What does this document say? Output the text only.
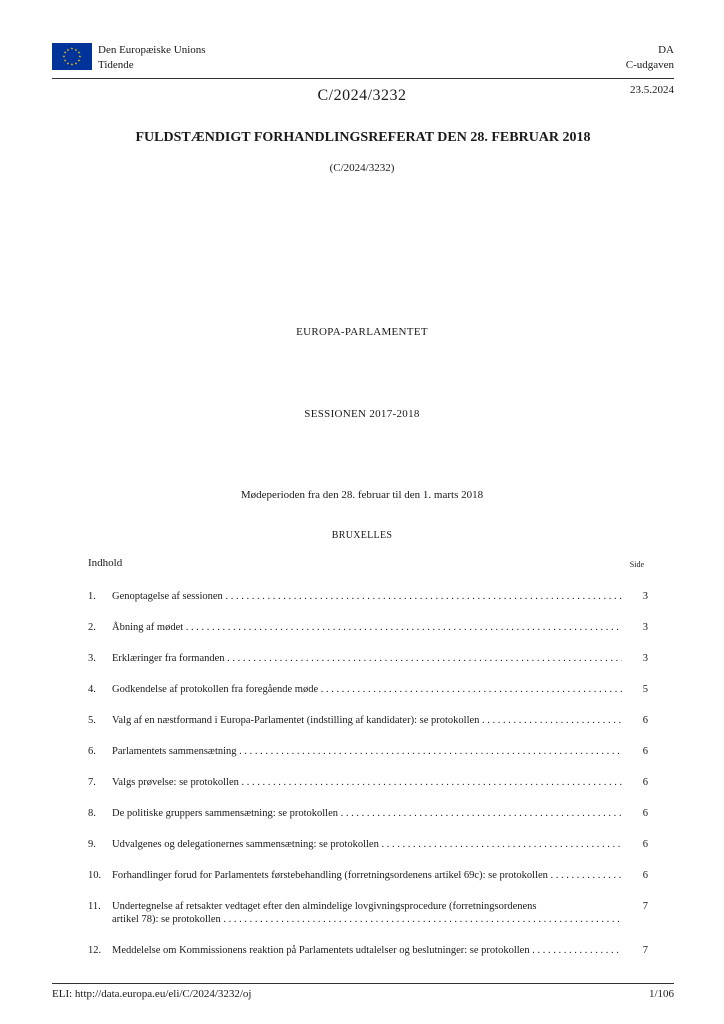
★ ★
★
★
★
★
★
★
★
★
★
★	Den Europæiske Unions
Tidende
DA
C-udgaven
C/2024/3232	23.5.2024
FULDSTÆNDIGT FORHANDLINGSREFERAT DEN 28. FEBRUAR 2018
(C/2024/3232)
EUROPA-PARLAMENTET
SESSIONEN 2017-2018
Mødeperioden fra den 28. februar til den 1. marts 2018
BRUXELLES
Indhold	Side
1.	Genoptagelse af sessionen . . .	3
2.	Åbning af mødet . . .	3
3.	Erklæringer fra formanden . . .	3
4.	Godkendelse af protokollen fra foregående møde . . .	5
5.	Valg af en næstformand i Europa-Parlamentet (indstilling af kandidater): se protokollen . . .	6
6.	Parlamentets sammensætning . . .	6
7.	Valgs prøvelse: se protokollen . . .	6
8.	De politiske gruppers sammensætning: se protokollen . . .	6
9.	Udvalgenes og delegationernes sammensætning: se protokollen . . .	6
10.	Forhandlinger forud for Parlamentets førstebehandling (forretningsordenens artikel 69c): se protokollen . . .	6
11.	Undertegnelse af retsakter vedtaget efter den almindelige lovgivningsprocedure (forretningsordenens
artikel 78): se protokollen . . .
7
12.	Meddelelse om Kommissionens reaktion på Parlamentets udtalelser og beslutninger: se protokollen . . .	7
ELI: http://data.europa.eu/eli/C/2024/3232/oj	1/106
